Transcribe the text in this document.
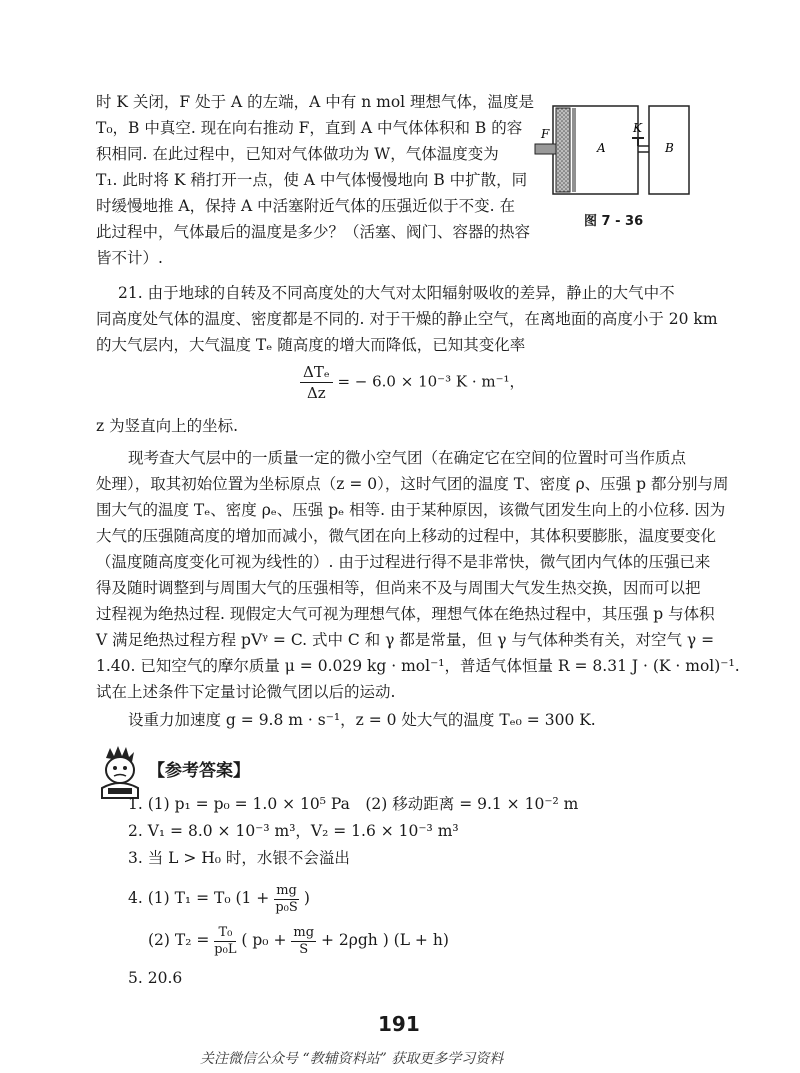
时 K 关闭，F 处于 A 的左端，A 中有 n mol 理想气体，温度是
T₀，B 中真空. 现在向右推动 F，直到 A 中气体体积和 B 的容
积相同. 在此过程中，已知对气体做功为 W，气体温度变为
T₁. 此时将 K 稍打开一点，使 A 中气体慢慢地向 B 中扩散，同
时缓慢地推 A，保持 A 中活塞附近气体的压强近似于不变. 在
此过程中，气体最后的温度是多少？（活塞、阀门、容器的热容
皆不计）.
F
A
K
B
图 7 - 36
21. 由于地球的自转及不同高度处的大气对太阳辐射吸收的差异，静止的大气中不
同高度处气体的温度、密度都是不同的. 对于干燥的静止空气，在离地面的高度小于 20 km
的大气层内，大气温度 Tₑ 随高度的增大而降低，已知其变化率
$\frac{\text{ΔTₑ}}{\Delta z}$ = − 6.0 × 10⁻³ K · m⁻¹，
z 为竖直向上的坐标.
现考查大气层中的一质量一定的微小空气团（在确定它在空间的位置时可当作质点
处理），取其初始位置为坐标原点（z = 0），这时气团的温度 T、密度 ρ、压强 p 都分别与周
围大气的温度 Tₑ、密度 ρₑ、压强 pₑ 相等. 由于某种原因，该微气团发生向上的小位移. 因为
大气的压强随高度的增加而减小，微气团在向上移动的过程中，其体积要膨胀，温度要变化
（温度随高度变化可视为线性的）. 由于过程进行得不是非常快，微气团内气体的压强已来
得及随时调整到与周围大气的压强相等，但尚来不及与周围大气发生热交换，因而可以把
过程视为绝热过程. 现假定大气可视为理想气体，理想气体在绝热过程中，其压强 p 与体积
V 满足绝热过程方程 pVᵞ = C. 式中 C 和 γ 都是常量，但 γ 与气体种类有关，对空气 γ =
1.40. 已知空气的摩尔质量 μ = 0.029 kg · mol⁻¹，普适气体恒量 R = 8.31 J · (K · mol)⁻¹.
试在上述条件下定量讨论微气团以后的运动.
设重力加速度 g = 9.8 m · s⁻¹，z = 0 处大气的温度 Tₑ₀ = 300 K.
【参考答案】
1. (1) p₁ = p₀ = 1.0 × 10⁵ Pa　(2) 移动距离 = 9.1 × 10⁻² m
2. V₁ = 8.0 × 10⁻³ m³，V₂ = 1.6 × 10⁻³ m³
3. 当 L > H₀ 时，水银不会溢出
4. (1) T₁ = T₀ ($1 + \frac{mg}{\text{p₀S}}$ )
(2) $T_2 = \frac{\text{T₀}}{\text{p₀L}}$ ( $p_0 + \frac{mg}{S} + 2\rho gh$ ) (L + h)
5. 20.6
191
关注微信公众号 “教辅资料站” 获取更多学习资料
